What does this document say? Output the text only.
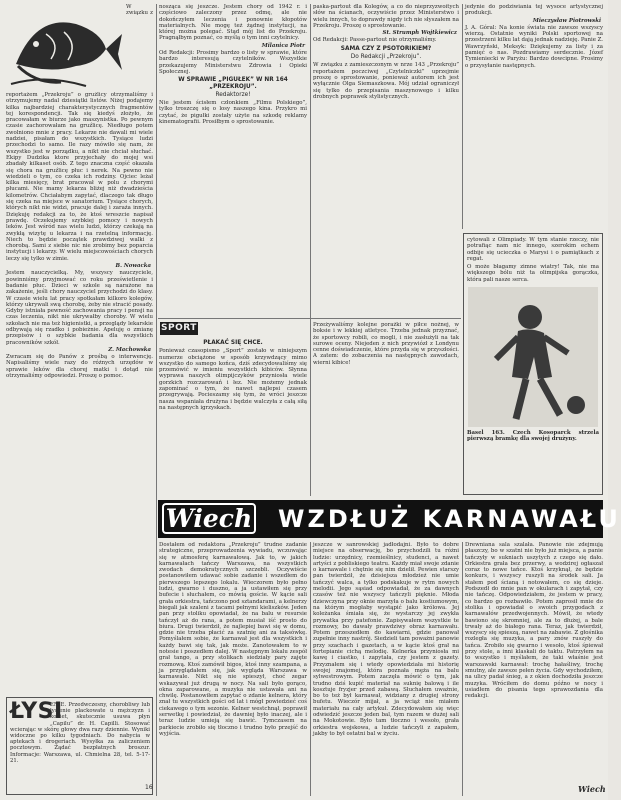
W związku z reportażem „Przekroju” o grużlicy otrzymaliśmy i otrzymujemy nadal dziesiątki listów. Niżej podajemy kilka najbardziej charakterystycznych fragmentów tej korespondencji. Tak się kiedyś złożyło, że pracowałam w biurze jako maszynistka. Po pewnym czasie zachorowałam na gruźlicę. Niedługo potem zwolniono mnie z pracy. Lekarze nie dawali mi wiele nadziei, pisałam do wszystkich. Tysiące ludzi przechodzi to samo. Ile razy mówiło się nam, że wszystko jest w porządku, a nikt nie chciał słuchać. Ekipy Dudzika ktore przyjechały do mojej wsi zbadały kilkaset osób. Z tego znaczna część okazała się chora na gruźlicę płuc i nerek. Na pewno nie wiedzieli o tym, co czeka ich rodziny. Ojciec leżał kilka miesięcy, brat pracował w polu z chorymi płucami. Nie mamy lekarza bliżej niż dwadzieścia kilometrów. Chciałabym zapytać, dlaczego tak długo się czeka na miejsce w sanatorium. Tysiące chorych, których nikt nie widzi, pracuje dalej i zaraża innych. Dziękuję redakcji za to, że ktoś wreszcie napisał prawdę. Oczekujemy szybkiej pomocy i nowych leków. Jest wśród nas wielu ludzi, którzy czekają na zwykłą wizytę u lekarza i na rzetelną informację. Niech to będzie początek prawdziwej walki z chorobą. Sami z siebie nic nie zrobimy bez poparcia instytucji i lekarzy. W wielu miejscowościach chorych leczy się tylko w zimie.

B. Nowacka

Jestem nauczycielką. My, wszyscy nauczyciele, powinniśmy przyjmować co roku prześwietlenie i badanie płuc. Dzieci w szkole są narażone na zakażenie, jeśli chory nauczyciel przychodzi do klasy. W czasie wielu lat pracy spotkałam kilkoro kolegów, którzy ukrywali swą chorobę, żeby nie stracić posady. Gdyby istniała pewność zachowania pracy i pensji na czas leczenia, nikt nie ukrywałby choroby. W wielu szkołach nie ma też higienistki, a przeglądy lekarskie odbywają się rzadko i pobieżnie. Apeluję o zmianę przepisów i o szybkie badania dla wszystkich pracowników szkół.

Z. Machowska

Zwracam się do Panów z prośbą o interwencję. Napisaliśmy wiele razy do różnych urzędów w sprawie leków dla chorej matki i dotąd nie otrzymaliśmy odpowiedzi. Proszę o pomoc.

ŁYSI
ENIE. Przedwczesny, chorobliwy lub łysienie plackowate u mężczyzn i kobiet, skutecznie usuwa płyn „Capilu” dr. H. Capilli. Stosować wcierając w skórę głowy dwa razy dziennie. Wyniki widoczne po kilku tygodniach. Do nabycia w aptekach i drogeriach. Wysyłka za zaliczeniem pocztowym. Żądać bezpłatnych broszur. Informacje: Warszawa, ul. Chmielna 28, tel. 5-17-21.
16

nosząca się jeszcze. Jestem chory od 1942 r. i częściowo zaleczony przez odmę, ale nie dokończyłem leczenia i ponownie kłopotów materialnych. Nie mogę też żądnej instytucji, na której można polegać. Stąd mój list do Przekroju. Pragnąłbym poznać, co myślą o tym inni czytelnicy.

Milanica Piotr

Od Redakcji: Prosimy bardzo o listy w sprawie, które bardzo interesują czytelników. Wszystkie przekazujemy Ministerstwu Zdrowia i Opieki Społecznej.

W SPRAWIE „PIGUŁEK” W NR 164 „PRZEKROJU”.

Redaktorze!

Nie jestem ścisłem członkiem „Filmu Polskiego”, tylko troszczę się o losy naszego kina. Przykro mi czytać, że pigułki zostały użyte na szkodę reklamy kinematografii. Prosiłbym o sprostowanie.

paska-partout dla Kolegów, a co do nieprzyzwoitych słów na ścianach, oczywiście przez Ministerstwo i wielu innych, to doprawdy nigdy ich nie słyszałem na Przekroju. Proszę o sprostowanie.

St. Strumph Wojtkiewicz

Od Redakcji: Passe-partout nie otrzymaliśmy.

SAMA CZY Z PSOTORIKIEM?

Do Redakcji „Przekroju”.

W związku z zamieszczonym w nrze 143 „Przekroju” reportażem poczciwej „Czytelniczki” uprzejmie proszę o sprostowanie, ponieważ autorem ich jest wyłącznie Olga Siemaszkowa. Mój udział ograniczył się tylko do przepisania maszynowego i kilku drobnych poprawek stylistycznych.

jedynie do podziwiania tej wysoce artystycznej produkcji.

Mieczysław Piotrowski

J. A. Góral: Na konie świata nie zawsze wszyscy wierzą. Ostatnie wyniki Polski sportowej na przestrzeni kilku lat dają jednak nadzieję. Panie Z. Wawrzyński, Meksyk: Dziękujemy za listy i za pamięć o nas. Pozdrawiamy serdecznie. Józef Tymieniecki w Paryżu: Bardzo dowcipne. Prosimy o przysyłanie następnych.

cytowali z Olimpiady. W tym stanie rzeczy, nie potrafiąc nam nic innego, szerokim echem odbije się ucieczka o Marysi i o pamiątkach z regat.

O może błagamy zimne wiatry! Tak, nie ma większego bólu niż ta olimpijska gorączka, która pali nasze serca.

Basel 163. Czech Kosoparck strzela pierwszą bramkę dla swojej drużyny.

SPORT

PŁAKAĆ SIĘ CHCE.

Ponieważ czasopismo „Sport” zostało w niniejszym numerze obciążone w sposób krzywdzący mimo wszystko do samego końca, dziś zdecydowaliśmy się przemówić w imieniu wszystkich kibiców. Słynna wyprawa naszych olimpijczyków przyniosła wiele gorzkich rozczarowań i łez. Nie możemy jednak zapominać o tym, że nawet najlepsi czasem przegrywają. Pocieszamy się tym, że wróci jeszcze nasza wspaniała drużyna i będzie walczyła z całą siłą na następnych igrzyskach.

Przeżywaliśmy kolejne porażki w piłce nożnej, w boksie i w lekkiej atletyce. Trzeba jednak przyznać, że sportowcy robili, co mogli, i nie zasłużyli na tak surowe oceny. Niejeden z nich przywiózł z Londynu cenne doświadczenie, które przyda się w przyszłości. A zatem: do zobaczenia na następnych zawodach, wierni kibice!

Wiech WZDŁUŻ KARNAWAŁU

Dostałem od redaktora „Przekroju” trudne zadanie strategiczne, przeprowadzenia wywiadu, wczuwając się w atmosferę karnawałową. Jak to, w jakich karnawałach tańczy Warszawa, na wszystkich zwodach demokratycznych szczebli. Oczywiście postanowiłem udawać sobie zadanie i wszedłem do pierwszego lepszego lokalu. Wieczorem było pełno ludzi, gwarno i duszno, a ja ustawiłem się przy bufecie i słuchałem, co mówią goście. W kącie sali grała orkiestra, tańczono pod sztandarami, a kelnerzy biegali jak szaleni z tacami pełnymi kieliszków. Jeden pan przy stoliku opowiadał, że na balu w resursie tańczył aż do rana, a potem musiał iść prosto do biura. Drugi twierdził, że najlepiej bawi się w domu, gdzie nie trzeba płacić za szatnię ani za taksówkę. Pomyślałem sobie, że karnawał jest dla wszystkich i każdy bawi się tak, jak może. Zanotowałem to w notesie i poszedłem dalej. W następnym lokalu zespół grał tango, a przy stolikach siedziały pary zajęte rozmową. Ktoś zamówił bigos, ktoś inny szampana, a ja przyglądałem się, jak wygląda Warszawa w karnawale. Nikt się nie spieszył, choć zegar wskazywał już drugą w nocy. Na sali było gorąco, okna zaparowane, a muzyka nie ustawała ani na chwilę. Postanowiłem zapytać o zdanie kelnera, który znał tu wszystkich gości od lat i mógł powiedzieć coś ciekawego o tym sezonie. Kelner westchnął, poprawił serwetkę i powiedział, że dawniej było inaczej, ale i teraz ludzie umieją się bawić. Tymczasem na parkiecie zrobiło się tłoczno i trudno było przejść do wyjścia.

jeszcze w sanrowskiej jadłodajni. Było to dobre miejsce na obserwację, bo przychodzili tu różni ludzie: urzędnicy, rzemieślnicy, studenci, a nawet artyści z pobliskiego teatru. Każdy miał swoje zdanie o karnawale i chętnie się nim dzielił. Pewien starszy pan twierdził, że dzisiejsza młodzież nie umie tańczyć walca, a tylko podskakuje w rytm nowych melodii. Jego sąsiad odpowiadał, że za dawnych czasów też nie wszyscy tańczyli pięknie. Młoda dziewczyna przy oknie marzyła o balu kostiumowym, na którym mogłaby wystąpić jako królowa. Jej koleżanka śmiała się, że wystarczy jej zwykła prywatka przy patefonie. Zapisywałem wszystkie te rozmowy, bo dawały prawdziwy obraz karnawału. Potem przeszedłem do kawiarni, gdzie panował zupełnie inny nastrój. Siedzieli tam poważni panowie przy szachach i gazetach, a w kącie ktoś grał na fortepianie cichą melodię. Kelnerka przyniosła mi kawę i ciastko, i zapytała, czy jestem z gazety. Przyznałem się i wtedy opowiedziała mi historię swojej znajomej, która poznała męża na balu sylwestrowym. Potem zaczęła mówić o tym, jak trudno dziś kupić materiał na suknię balową i ile kosztuje fryzjer przed zabawą. Słuchałem uważnie, bo to też był karnawał, widziany z drugiej strony bufetu. Wieczór mijał, a ja wciąż nie miałem materiału na cały artykuł. Zdecydowałem się więc odwiedzić jeszcze jeden bal, tym razem w dużej sali na Mokotowie. Było tam tłoczno i wesoło, grała orkiestra wojskowa, a ludzie tańczyli z zapałem, jakby to był ostatni bal w życiu.

Drewniana sala szalała. Panowie nie zdejmują płaszczy, bo w szatni nie było już miejsca, a panie tańczyły w sukniach uszytych z czego się dało. Orkiestra grała bez przerwy, a wodzirej ogłaszał coraz to nowe tańce. Ktoś krzyknął, że będzie konkurs, i wszyscy ruszyli na środek sali. Ja stałem pod ścianą i notowałem, co się dzieje. Podszedł do mnie pan w okularach i zapytał, czy nie tańczę. Odpowiedziałem, że jestem w pracy, co bardzo go rozbawiło. Potem zaprosił mnie do stolika i opowiadał o swoich przygodach z karnawałów przedwojennych. Mówił, że wtedy bawiono się skromniej, ale za to dłużej, a bale trwały aż do białego rana. Teraz, jak twierdził, wszyscy się spieszą, nawet na zabawie. Z głośnika rozległa się muzyka, a pary znów ruszyły do tańca. Zrobiło się gwarno i wesoło, ktoś śpiewał przy stole, a inni klaskali do taktu. Patrzyłem na to wszystko i myślałem, że taki właśnie jest warszawski karnawał: trochę hałaśliwy, trochę smutny, ale zawsze pełen życia. Gdy wychodziłem, na ulicy padał śnieg, a z okien dochodziła jeszcze muzyka. Wróciłem do domu późno w nocy i usiadłem do pisania tego sprawozdania dla redakcji.

Wiech
